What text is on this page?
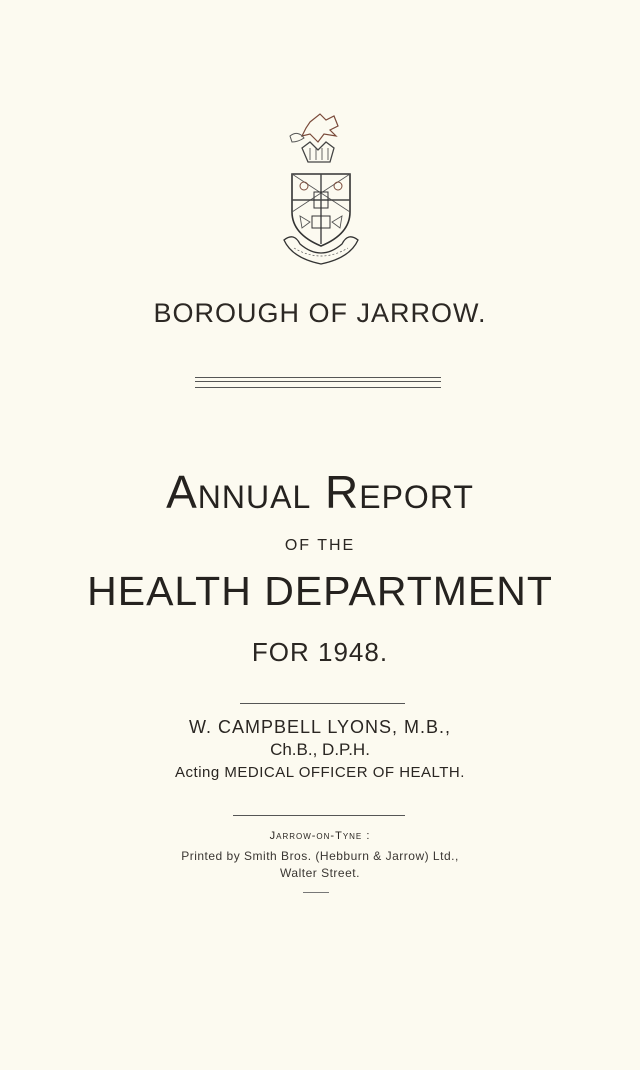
BOROUGH OF JARROW.
Annual Report
OF THE
HEALTH DEPARTMENT
FOR 1948.
W. CAMPBELL LYONS, M.B.,
Ch.B., D.P.H.
Acting MEDICAL OFFICER OF HEALTH.
Jarrow-on-Tyne :
Printed by Smith Bros. (Hebburn & Jarrow) Ltd.,
Walter Street.
